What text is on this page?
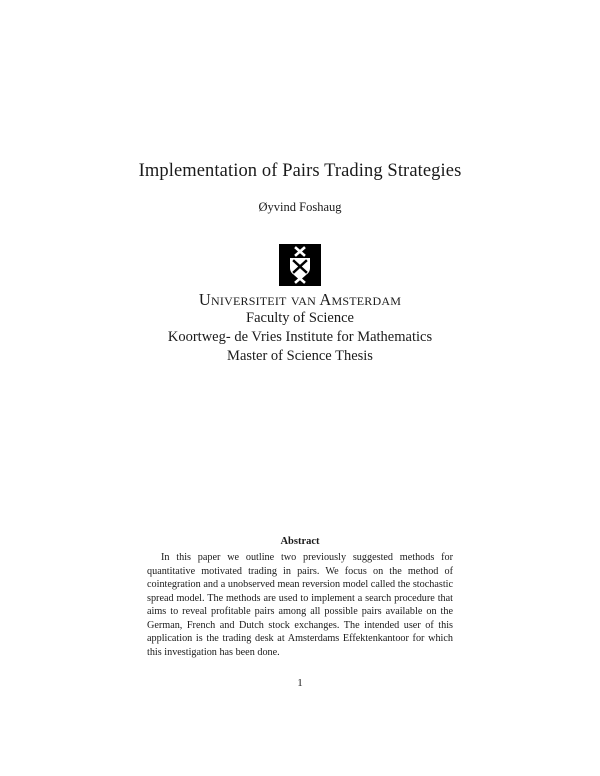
Implementation of Pairs Trading Strategies
Øyvind Foshaug
Universiteit van Amsterdam
Faculty of Science
Koortweg- de Vries Institute for Mathematics
Master of Science Thesis
Abstract
In this paper we outline two previously suggested methods for quantitative motivated trading in pairs. We focus on the method of cointegration and a unobserved mean reversion model called the stochastic spread model. The methods are used to implement a search procedure that aims to reveal profitable pairs among all possible pairs available on the German, French and Dutch stock exchanges. The intended user of this application is the trading desk at Amsterdams Effektenkantoor for which this investigation has been done.
1
